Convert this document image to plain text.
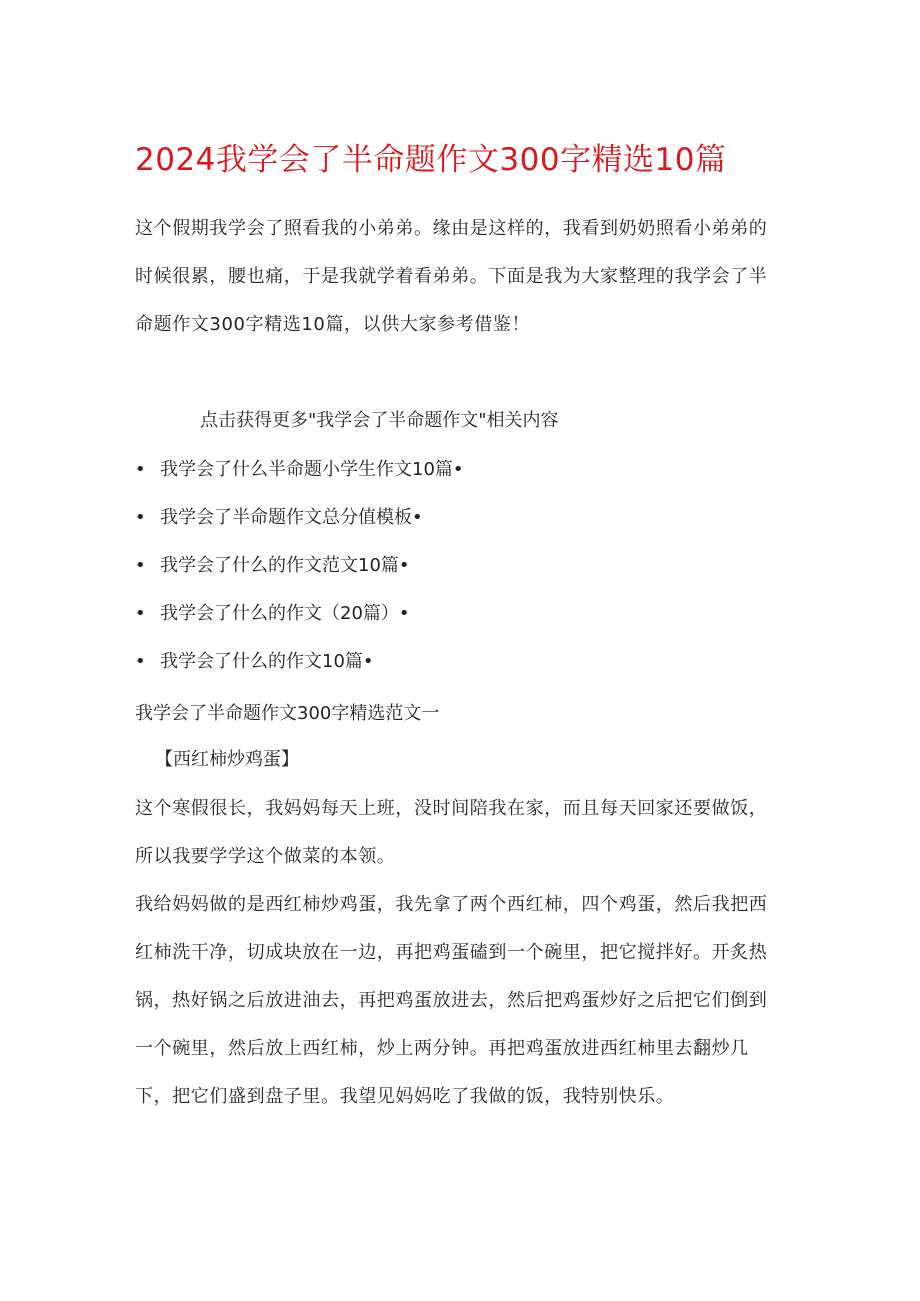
2024我学会了半命题作文300字精选10篇
这个假期我学会了照看我的小弟弟。缘由是这样的，我看到奶奶照看小弟弟的时候很累，腰也痛，于是我就学着看弟弟。下面是我为大家整理的我学会了半命题作文300字精选10篇，以供大家参考借鉴！
点击获得更多"我学会了半命题作文"相关内容
• 我学会了什么半命题小学生作文10篇•
• 我学会了半命题作文总分值模板•
• 我学会了什么的作文范文10篇•
• 我学会了什么的作文（20篇）•
• 我学会了什么的作文10篇•
我学会了半命题作文300字精选范文一
【西红柿炒鸡蛋】
这个寒假很长，我妈妈每天上班，没时间陪我在家，而且每天回家还要做饭，所以我要学学这个做菜的本领。
我给妈妈做的是西红柿炒鸡蛋，我先拿了两个西红柿，四个鸡蛋，然后我把西红柿洗干净，切成块放在一边，再把鸡蛋磕到一个碗里，把它搅拌好。开炙热锅，热好锅之后放进油去，再把鸡蛋放进去，然后把鸡蛋炒好之后把它们倒到一个碗里，然后放上西红柿，炒上两分钟。再把鸡蛋放进西红柿里去翻炒几下，把它们盛到盘子里。我望见妈妈吃了我做的饭，我特别快乐。
